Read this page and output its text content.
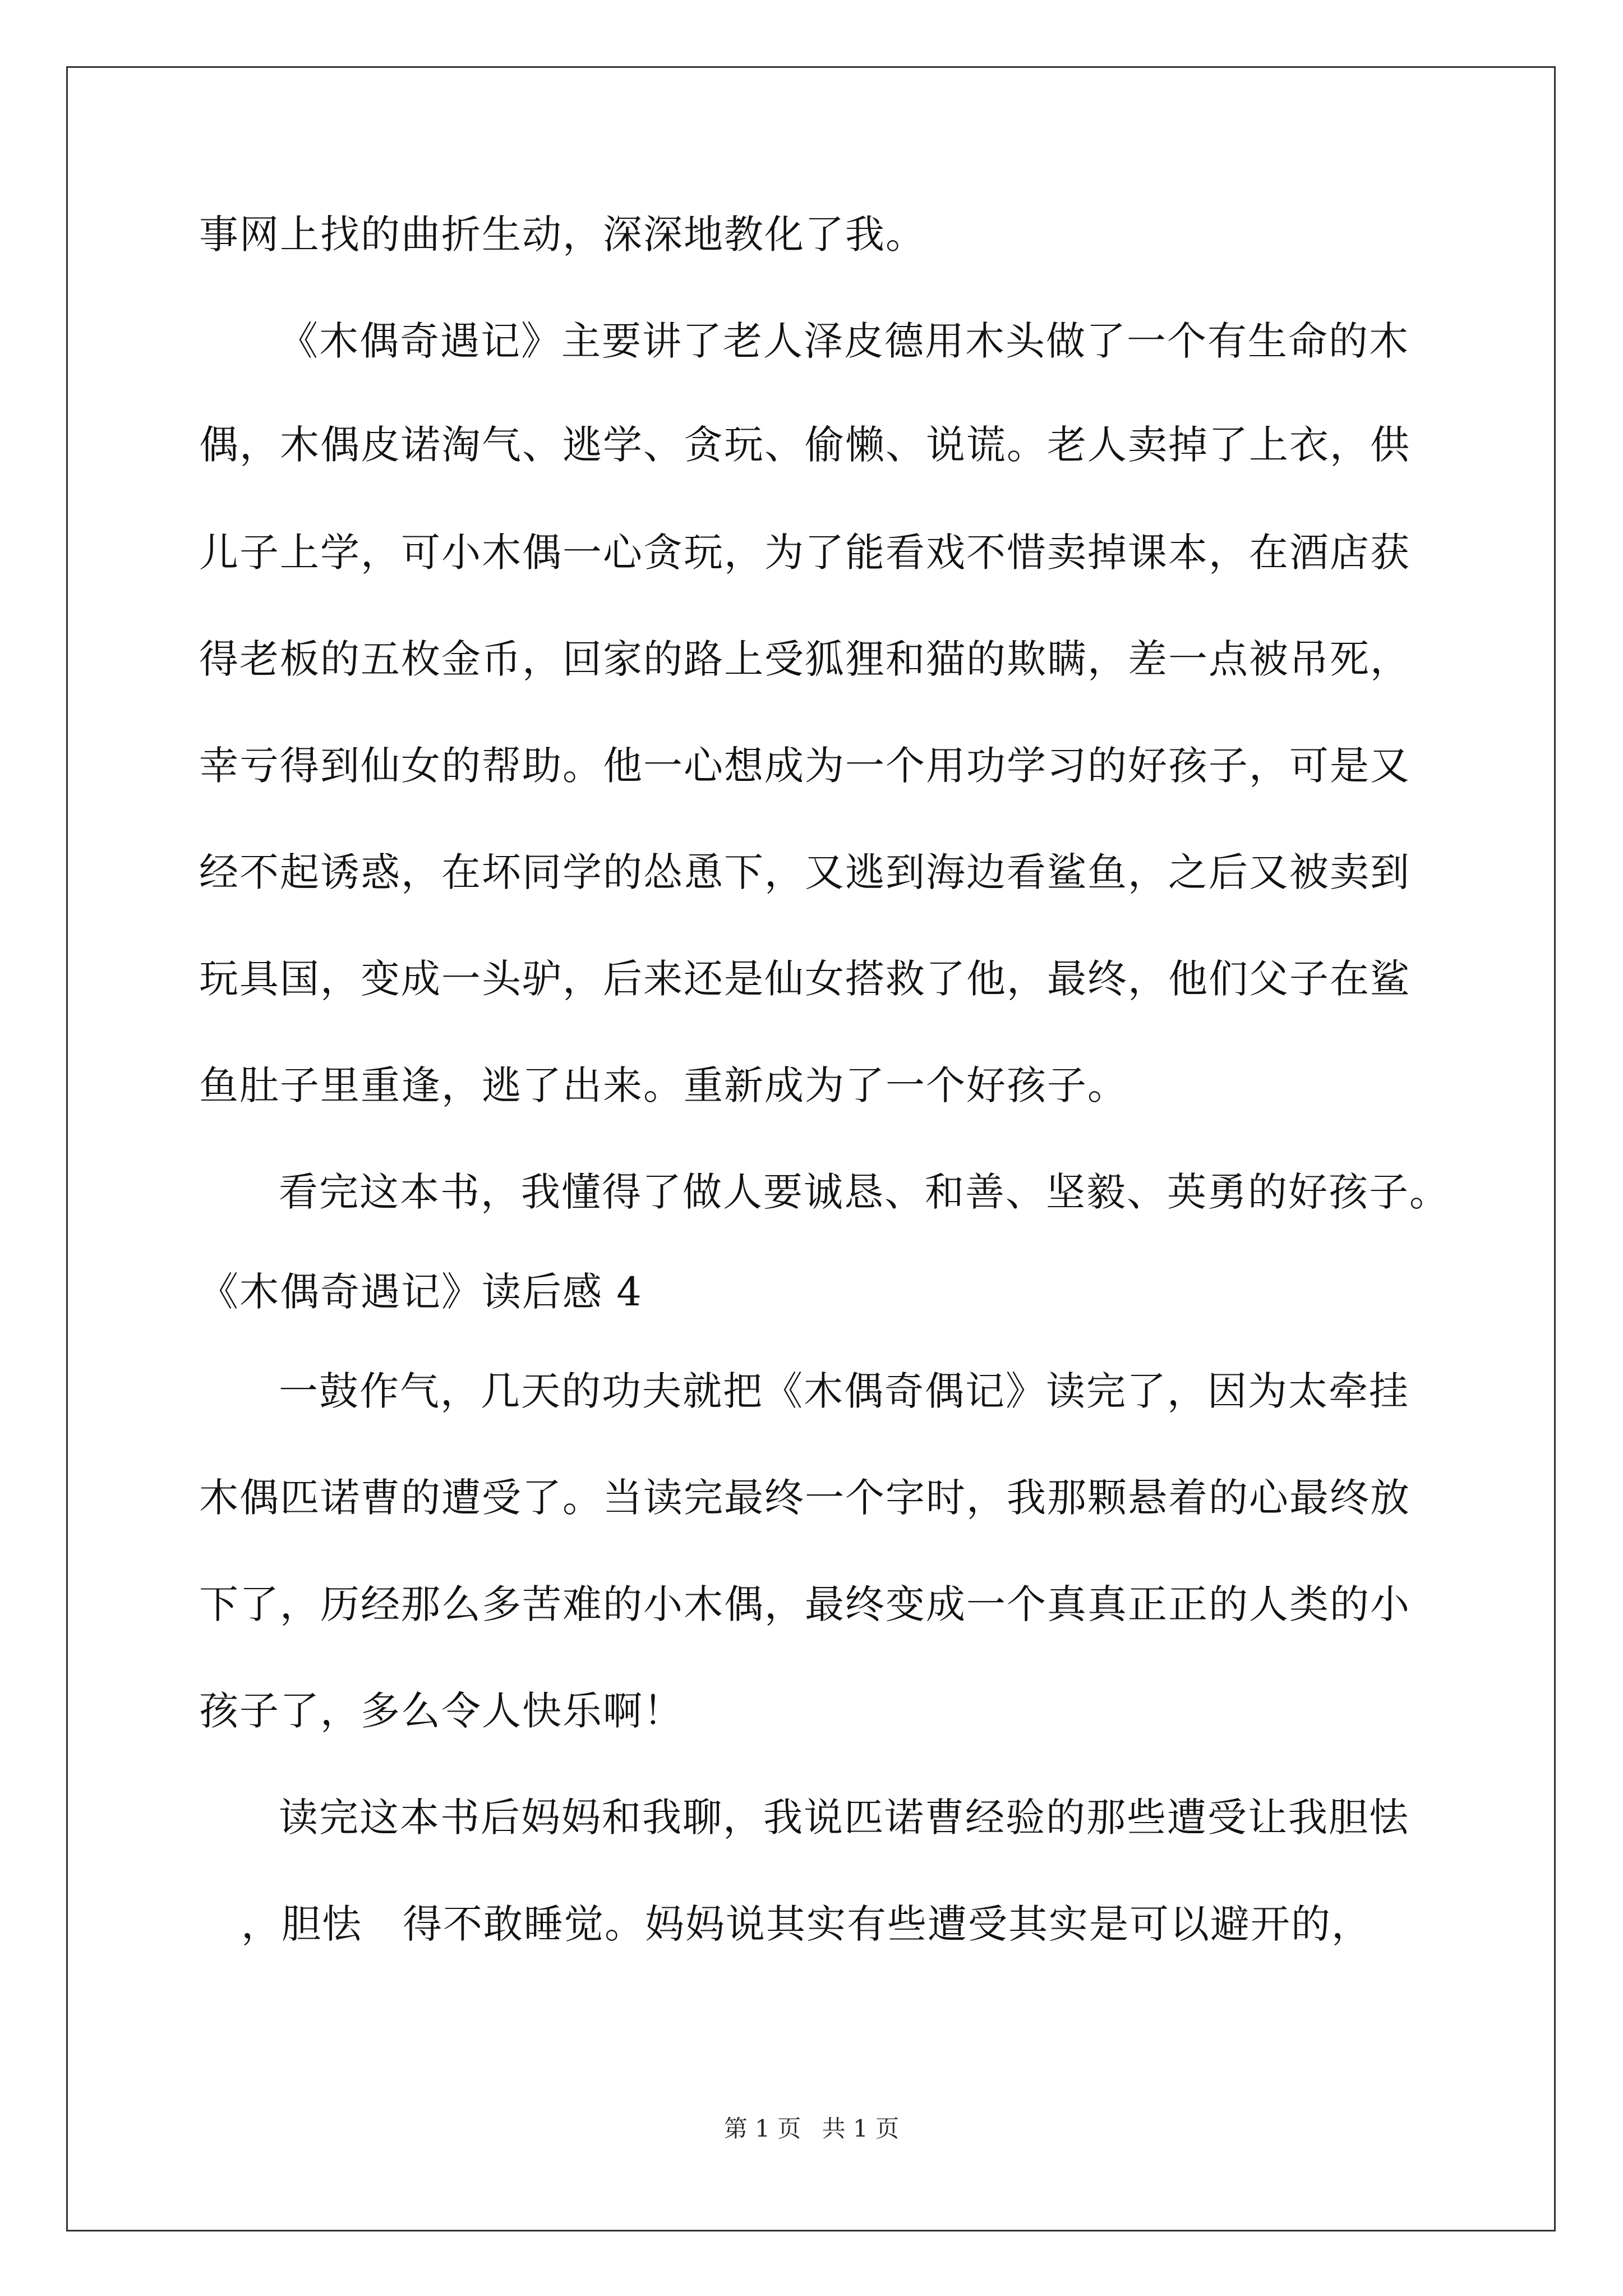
事网上找的曲折生动，深深地教化了我。
《木偶奇遇记》主要讲了老人泽皮德用木头做了一个有生命的木
偶，木偶皮诺淘气、逃学、贪玩、偷懒、说谎。老人卖掉了上衣，供
儿子上学，可小木偶一心贪玩，为了能看戏不惜卖掉课本，在酒店获
得老板的五枚金币，回家的路上受狐狸和猫的欺瞒，差一点被吊死，
幸亏得到仙女的帮助。他一心想成为一个用功学习的好孩子，可是又
经不起诱惑，在坏同学的怂恿下，又逃到海边看鲨鱼，之后又被卖到
玩具国，变成一头驴，后来还是仙女搭救了他，最终，他们父子在鲨
鱼肚子里重逢，逃了出来。重新成为了一个好孩子。
看完这本书，我懂得了做人要诚恳、和善、坚毅、英勇的好孩子。
《木偶奇遇记》读后感 4
一鼓作气，几天的功夫就把《木偶奇偶记》读完了，因为太牵挂
木偶匹诺曹的遭受了。当读完最终一个字时，我那颗悬着的心最终放
下了，历经那么多苦难的小木偶，最终变成一个真真正正的人类的小
孩子了，多么令人快乐啊！
读完这本书后妈妈和我聊，我说匹诺曹经验的那些遭受让我胆怯
，胆怯　得不敢睡觉。妈妈说其实有些遭受其实是可以避开的，
第 1 页 共 1 页
